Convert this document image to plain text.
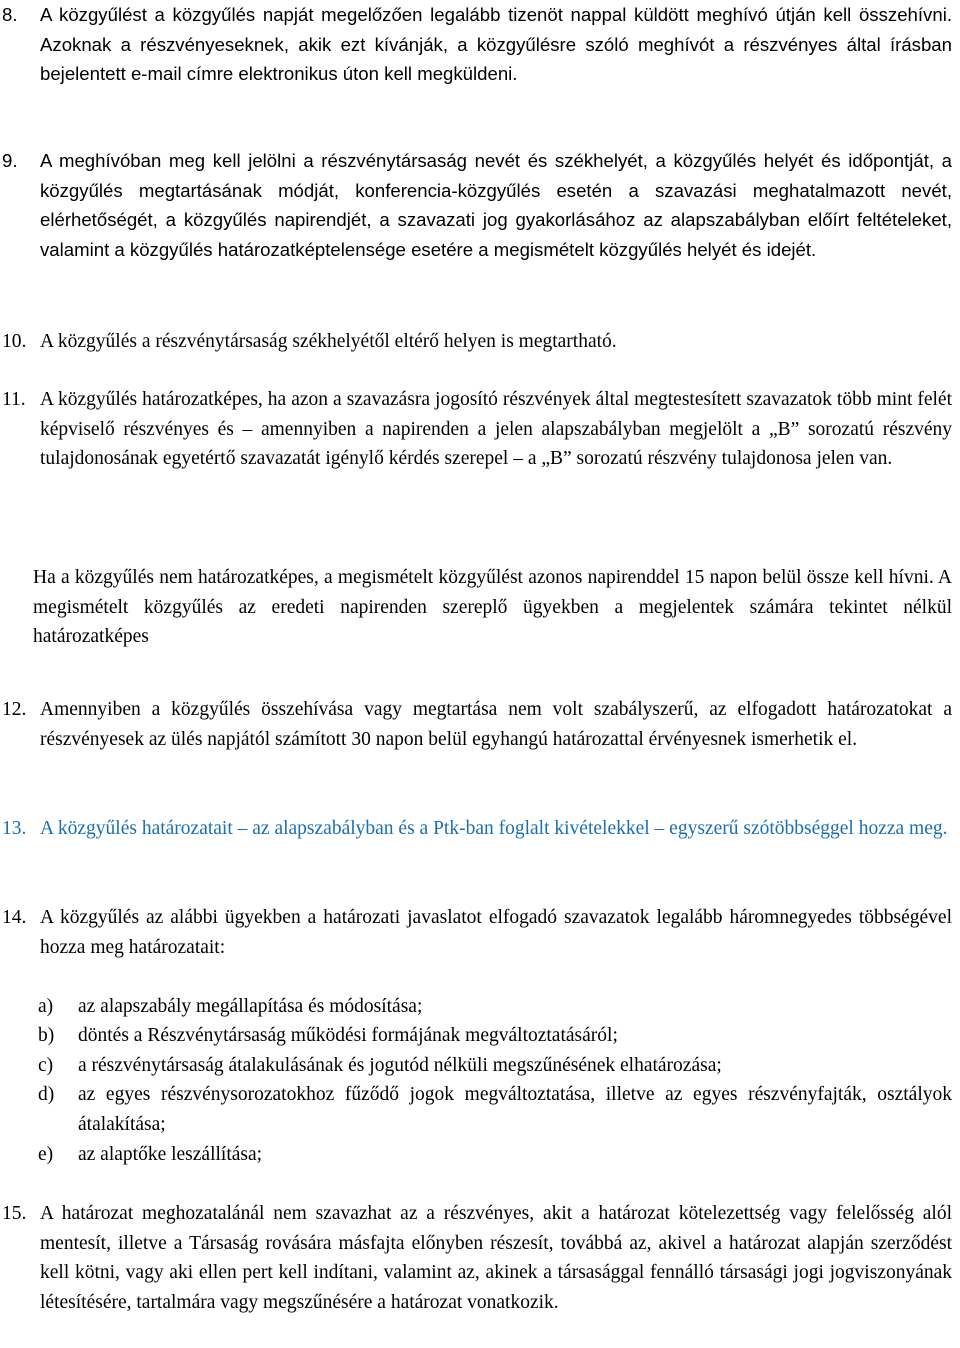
8. A közgyűlést a közgyűlés napját megelőzően legalább tizenöt nappal küldött meghívó útján kell összehívni. Azoknak a részvényeseknek, akik ezt kívánják, a közgyűlésre szóló meghívót a részvényes által írásban bejelentett e-mail címre elektronikus úton kell megküldeni.
9. A meghívóban meg kell jelölni a részvénytársaság nevét és székhelyét, a közgyűlés helyét és időpontját, a közgyűlés megtartásának módját, konferencia-közgyűlés esetén a szavazási meghatalmazott nevét, elérhetőségét, a közgyűlés napirendjét, a szavazati jog gyakorlásához az alapszabályban előírt feltételeket, valamint a közgyűlés határozatképtelensége esetére a megismételt közgyűlés helyét és idejét.
10. A közgyűlés a részvénytársaság székhelyétől eltérő helyen is megtartható.
11. A közgyűlés határozatképes, ha azon a szavazásra jogosító részvények által megtestesített szavazatok több mint felét képviselő részvényes és – amennyiben a napirenden a jelen alapszabályban megjelölt a „B” sorozatú részvény tulajdonosának egyetértő szavazatát igénylő kérdés szerepel – a „B” sorozatú részvény tulajdonosa jelen van.
Ha a közgyűlés nem határozatképes, a megismételt közgyűlést azonos napirenddel 15 napon belül össze kell hívni. A megismételt közgyűlés az eredeti napirenden szereplő ügyekben a megjelentek számára tekintet nélkül határozatképes
12. Amennyiben a közgyűlés összehívása vagy megtartása nem volt szabályszerű, az elfogadott határozatokat a részvényesek az ülés napjától számított 30 napon belül egyhangú határozattal érvényesnek ismerhetik el.
13. A közgyűlés határozatait – az alapszabályban és a Ptk-ban foglalt kivételekkel – egyszerű szótöbbséggel hozza meg.
14. A közgyűlés az alábbi ügyekben a határozati javaslatot elfogadó szavazatok legalább háromnegyedes többségével hozza meg határozatait:
a) az alapszabály megállapítása és módosítása;
b) döntés a Részvénytársaság működési formájának megváltoztatásáról;
c) a részvénytársaság átalakulásának és jogutód nélküli megszűnésének elhatározása;
d) az egyes részvénysorozatokhoz fűződő jogok megváltoztatása, illetve az egyes részvényfajták, osztályok átalakítása;
e) az alaptőke leszállítása;
15. A határozat meghozatalánál nem szavazhat az a részvényes, akit a határozat kötelezettség vagy felelősség alól mentesít, illetve a Társaság rovására másfajta előnyben részesít, továbbá az, akivel a határozat alapján szerződést kell kötni, vagy aki ellen pert kell indítani, valamint az, akinek a társasággal fennálló társasági jogi jogviszonyának létesítésére, tartalmára vagy megszűnésére a határozat vonatkozik.
